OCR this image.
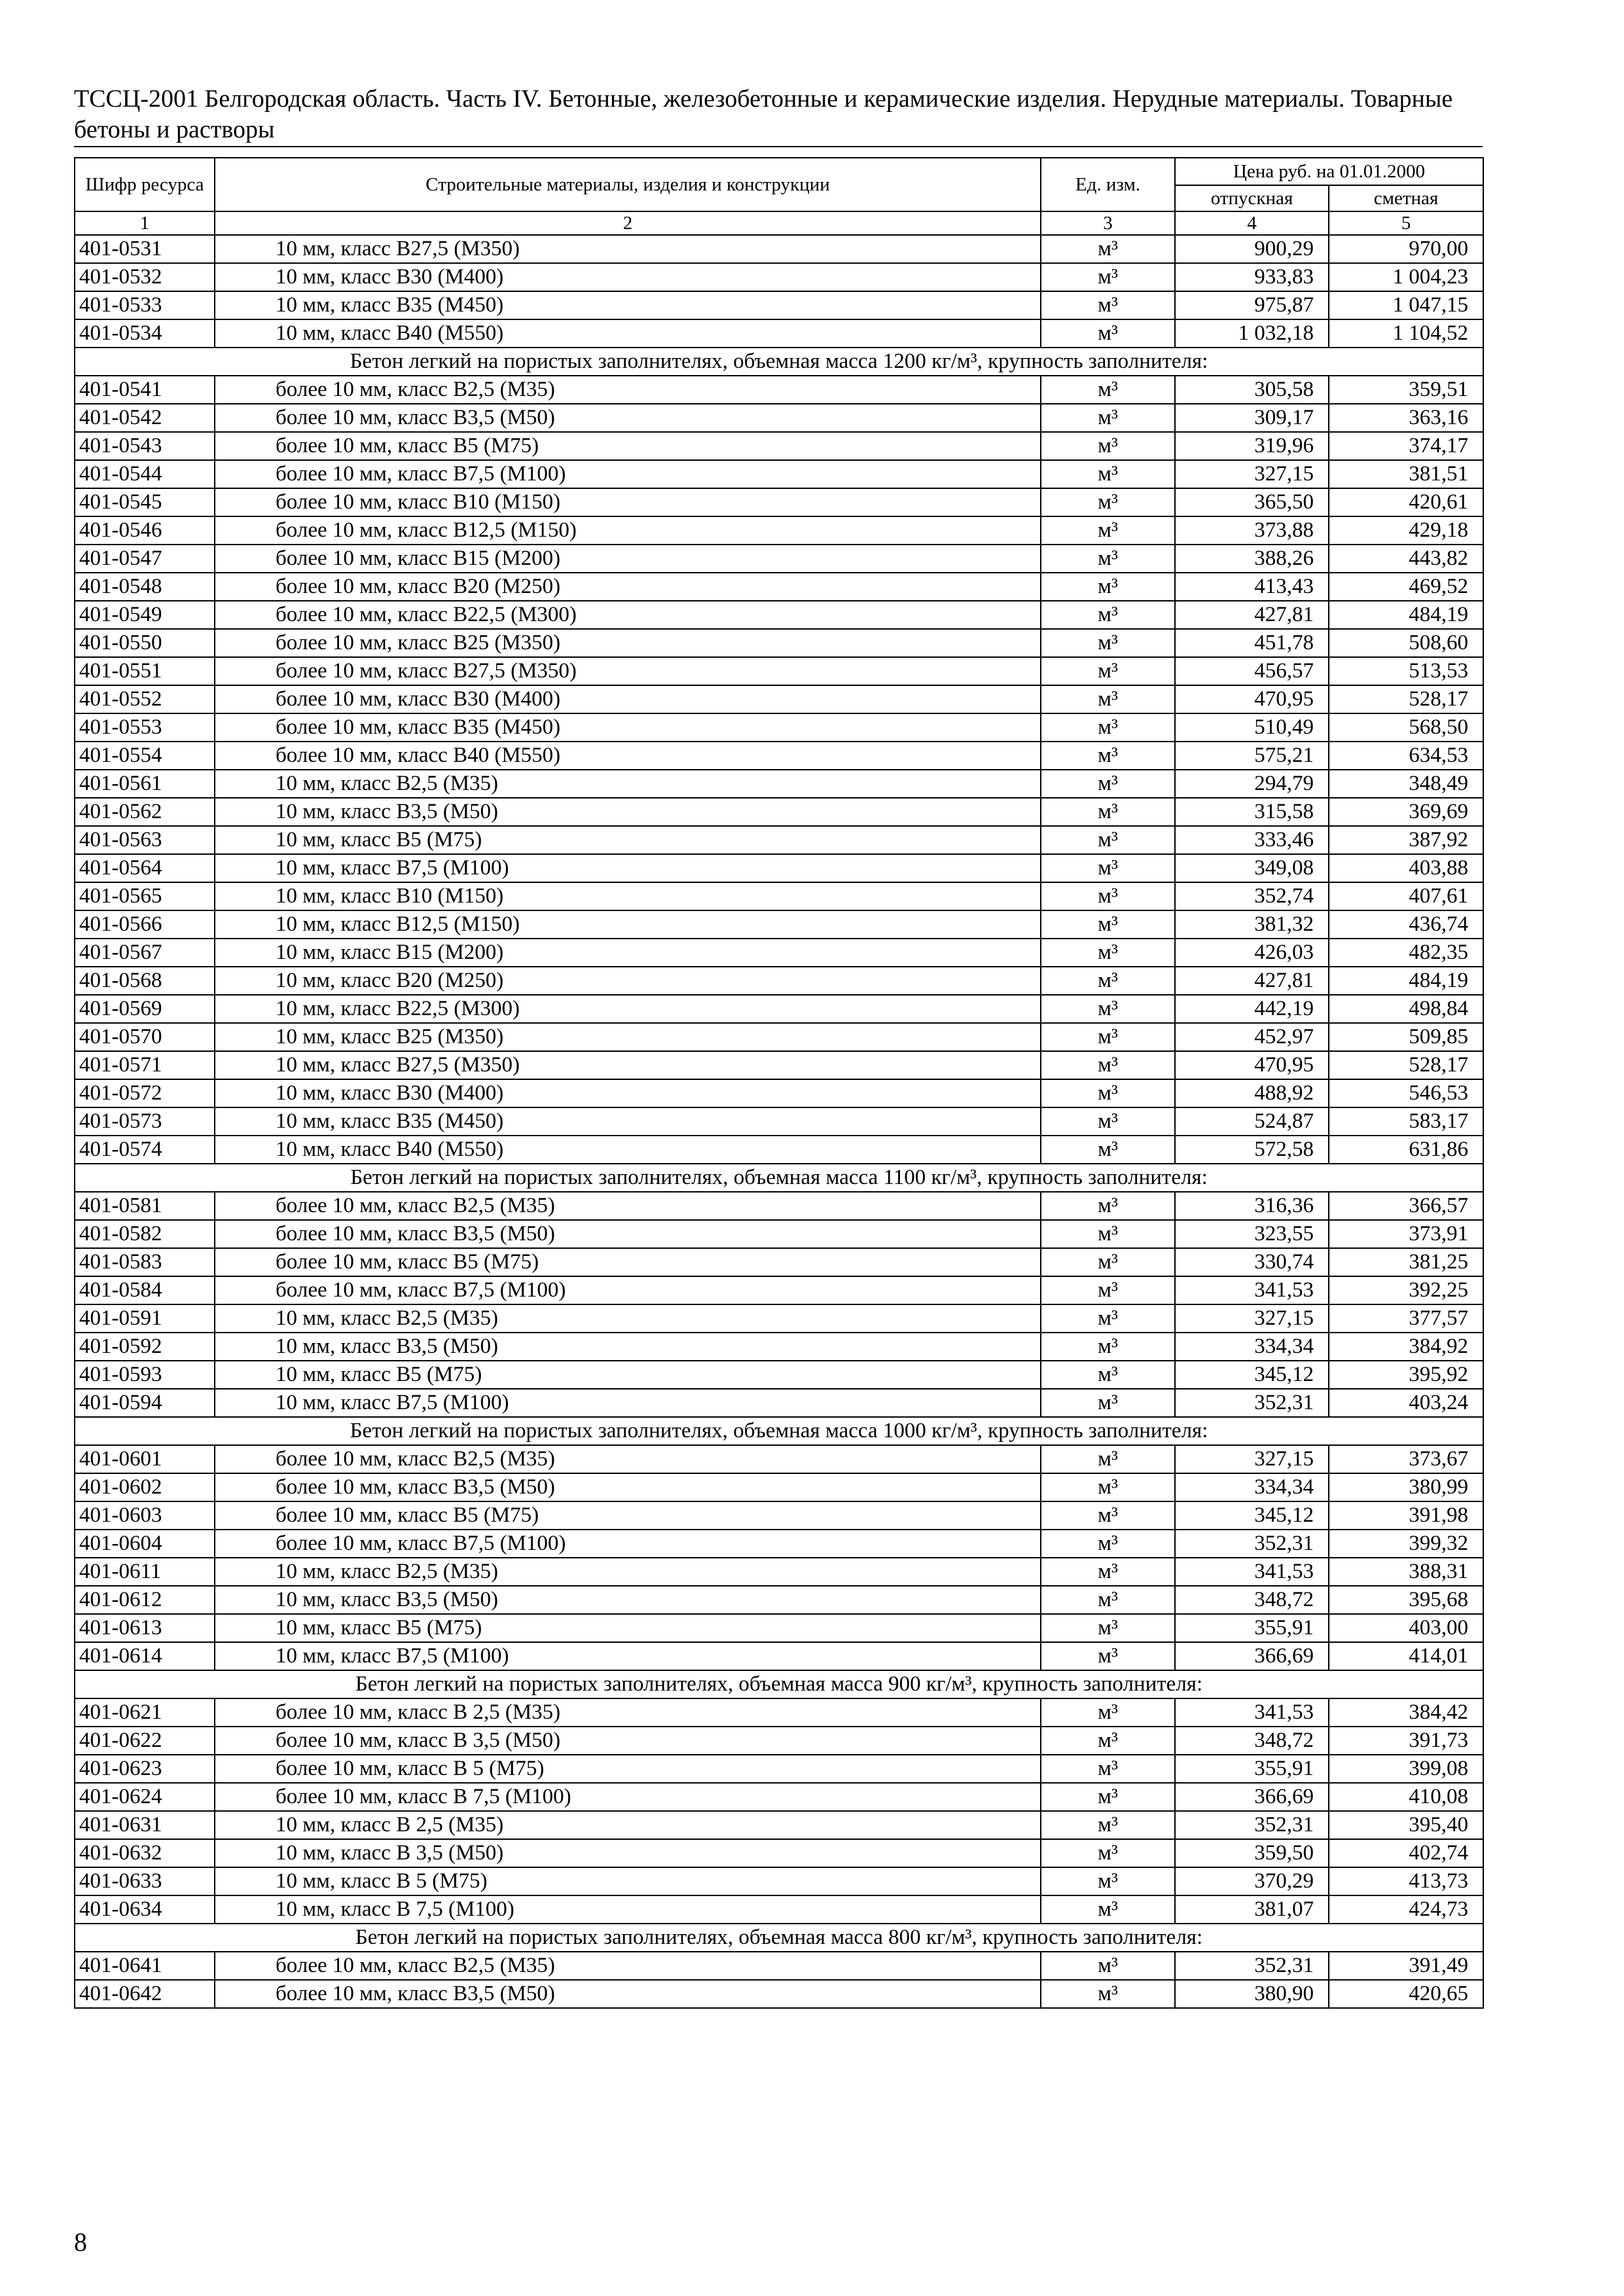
ТССЦ-2001 Белгородская область. Часть IV. Бетонные, железобетонные и керамические изделия. Нерудные материалы. Товарные бетоны и растворы
Шифр ресурса	Строительные материалы, изделия и конструкции	Ед. изм.	Цена руб. на 01.01.2000	
			отпускная	сметная
1	2	3	4	5
401-0531	10 мм, класс В27,5 (М350)	м³	900,29	970,00
401-0532	10 мм, класс В30 (М400)	м³	933,83	1 004,23
401-0533	10 мм, класс В35 (М450)	м³	975,87	1 047,15
401-0534	10 мм, класс В40 (М550)	м³	1 032,18	1 104,52
Бетон легкий на пористых заполнителях, объемная масса 1200 кг/м³, крупность заполнителя:				
401-0541	более 10 мм, класс В2,5 (М35)	м³	305,58	359,51
401-0542	более 10 мм, класс В3,5 (М50)	м³	309,17	363,16
401-0543	более 10 мм, класс В5 (М75)	м³	319,96	374,17
401-0544	более 10 мм, класс В7,5 (М100)	м³	327,15	381,51
401-0545	более 10 мм, класс В10 (М150)	м³	365,50	420,61
401-0546	более 10 мм, класс В12,5 (М150)	м³	373,88	429,18
401-0547	более 10 мм, класс В15 (М200)	м³	388,26	443,82
401-0548	более 10 мм, класс В20 (М250)	м³	413,43	469,52
401-0549	более 10 мм, класс В22,5 (М300)	м³	427,81	484,19
401-0550	более 10 мм, класс В25 (М350)	м³	451,78	508,60
401-0551	более 10 мм, класс В27,5 (М350)	м³	456,57	513,53
401-0552	более 10 мм, класс В30 (М400)	м³	470,95	528,17
401-0553	более 10 мм, класс В35 (М450)	м³	510,49	568,50
401-0554	более 10 мм, класс В40 (М550)	м³	575,21	634,53
401-0561	10 мм, класс В2,5 (М35)	м³	294,79	348,49
401-0562	10 мм, класс В3,5 (М50)	м³	315,58	369,69
401-0563	10 мм, класс В5 (М75)	м³	333,46	387,92
401-0564	10 мм, класс В7,5 (М100)	м³	349,08	403,88
401-0565	10 мм, класс В10 (М150)	м³	352,74	407,61
401-0566	10 мм, класс В12,5 (М150)	м³	381,32	436,74
401-0567	10 мм, класс В15 (М200)	м³	426,03	482,35
401-0568	10 мм, класс В20 (М250)	м³	427,81	484,19
401-0569	10 мм, класс В22,5 (М300)	м³	442,19	498,84
401-0570	10 мм, класс В25 (М350)	м³	452,97	509,85
401-0571	10 мм, класс В27,5 (М350)	м³	470,95	528,17
401-0572	10 мм, класс В30 (М400)	м³	488,92	546,53
401-0573	10 мм, класс В35 (М450)	м³	524,87	583,17
401-0574	10 мм, класс В40 (М550)	м³	572,58	631,86
Бетон легкий на пористых заполнителях, объемная масса 1100 кг/м³, крупность заполнителя:				
401-0581	более 10 мм, класс В2,5 (М35)	м³	316,36	366,57
401-0582	более 10 мм, класс В3,5 (М50)	м³	323,55	373,91
401-0583	более 10 мм, класс В5 (М75)	м³	330,74	381,25
401-0584	более 10 мм, класс В7,5 (М100)	м³	341,53	392,25
401-0591	10 мм, класс В2,5 (М35)	м³	327,15	377,57
401-0592	10 мм, класс В3,5 (М50)	м³	334,34	384,92
401-0593	10 мм, класс В5 (М75)	м³	345,12	395,92
401-0594	10 мм, класс В7,5 (М100)	м³	352,31	403,24
Бетон легкий на пористых заполнителях, объемная масса 1000 кг/м³, крупность заполнителя:				
401-0601	более 10 мм, класс В2,5 (М35)	м³	327,15	373,67
401-0602	более 10 мм, класс В3,5 (М50)	м³	334,34	380,99
401-0603	более 10 мм, класс В5 (М75)	м³	345,12	391,98
401-0604	более 10 мм, класс В7,5 (М100)	м³	352,31	399,32
401-0611	10 мм, класс В2,5 (М35)	м³	341,53	388,31
401-0612	10 мм, класс В3,5 (М50)	м³	348,72	395,68
401-0613	10 мм, класс В5 (М75)	м³	355,91	403,00
401-0614	10 мм, класс В7,5 (М100)	м³	366,69	414,01
Бетон легкий на пористых заполнителях, объемная масса 900 кг/м³, крупность заполнителя:				
401-0621	более 10 мм, класс В 2,5 (М35)	м³	341,53	384,42
401-0622	более 10 мм, класс В 3,5 (М50)	м³	348,72	391,73
401-0623	более 10 мм, класс В 5 (М75)	м³	355,91	399,08
401-0624	более 10 мм, класс В 7,5 (М100)	м³	366,69	410,08
401-0631	10 мм, класс В 2,5 (М35)	м³	352,31	395,40
401-0632	10 мм, класс В 3,5 (М50)	м³	359,50	402,74
401-0633	10 мм, класс В 5 (М75)	м³	370,29	413,73
401-0634	10 мм, класс В 7,5 (М100)	м³	381,07	424,73
Бетон легкий на пористых заполнителях, объемная масса 800 кг/м³, крупность заполнителя:				
401-0641	более 10 мм, класс В2,5 (М35)	м³	352,31	391,49
401-0642	более 10 мм, класс В3,5 (М50)	м³	380,90	420,65
8
